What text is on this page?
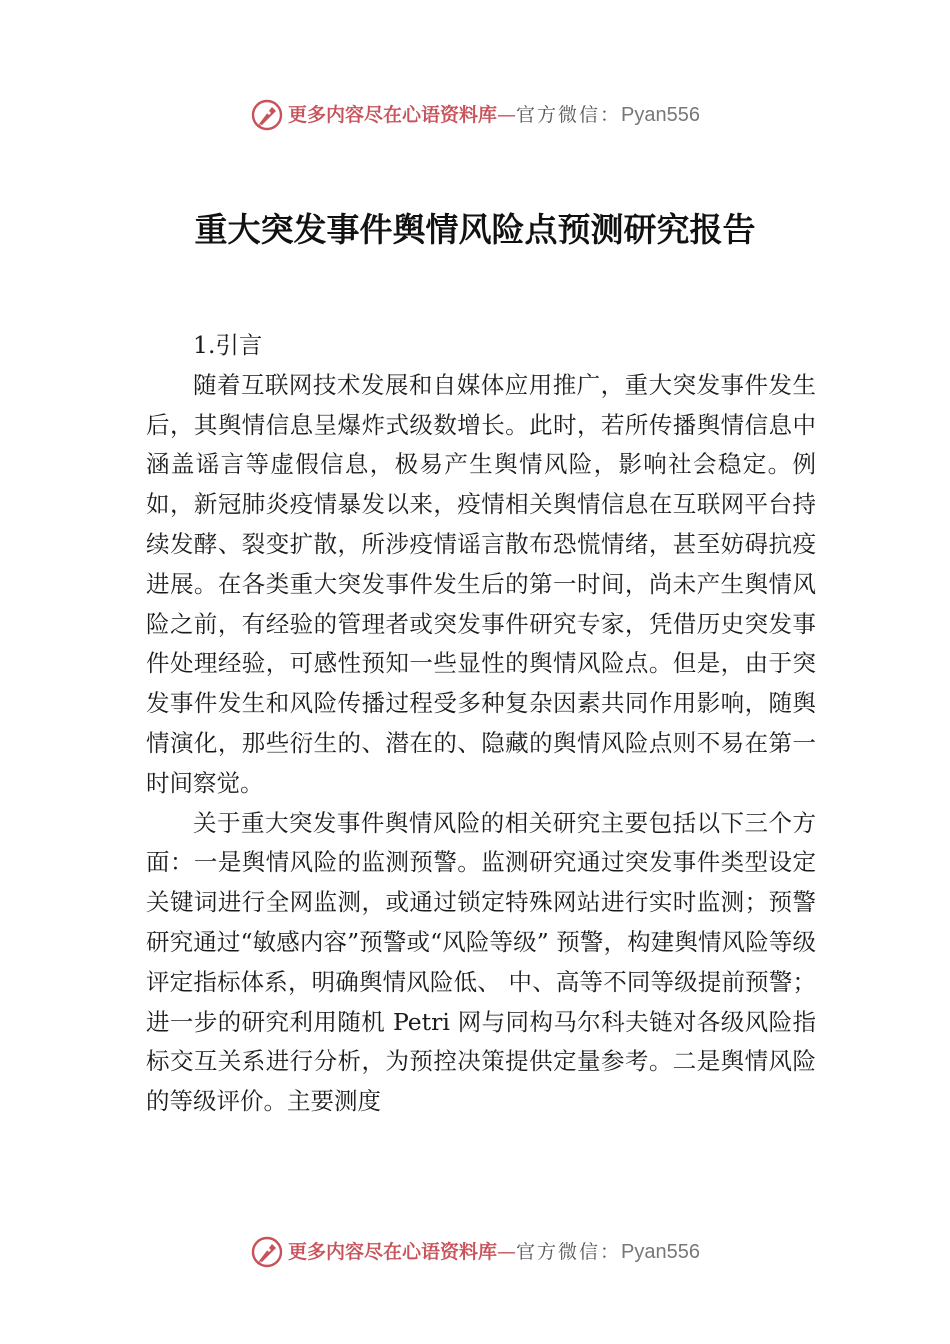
更多内容尽在心语资料库 — 官方微信： Pyan556
重大突发事件舆情风险点预测研究报告

1.引言

随着互联网技术发展和自媒体应用推广，重大突发事件发生后，其舆情信息呈爆炸式级数增长。此时，若所传播舆情信息中涵盖谣言等虚假信息，极易产生舆情风险，影响社会稳定。例如，新冠肺炎疫情暴发以来，疫情相关舆情信息在互联网平台持续发酵、裂变扩散，所涉疫情谣言散布恐慌情绪，甚至妨碍抗疫进展。在各类重大突发事件发生后的第一时间，尚未产生舆情风险之前，有经验的管理者或突发事件研究专家，凭借历史突发事件处理经验，可感性预知一些显性的舆情风险点。但是，由于突发事件发生和风险传播过程受多种复杂因素共同作用影响，随舆情演化，那些衍生的、潜在的、隐藏的舆情风险点则不易在第一时间察觉。

关于重大突发事件舆情风险的相关研究主要包括以下三个方面：一是舆情风险的监测预警。监测研究通过突发事件类型设定关键词进行全网监测，或通过锁定特殊网站进行实时监测；预警研究通过“敏感内容”预警或“风险等级” 预警，构建舆情风险等级评定指标体系，明确舆情风险低、 中、高等不同等级提前预警；进一步的研究利用随机 Petri 网与同构马尔科夫链对各级风险指标交互关系进行分析，为预控决策提供定量参考。二是舆情风险的等级评价。主要测度

更多内容尽在心语资料库 — 官方微信： Pyan556
